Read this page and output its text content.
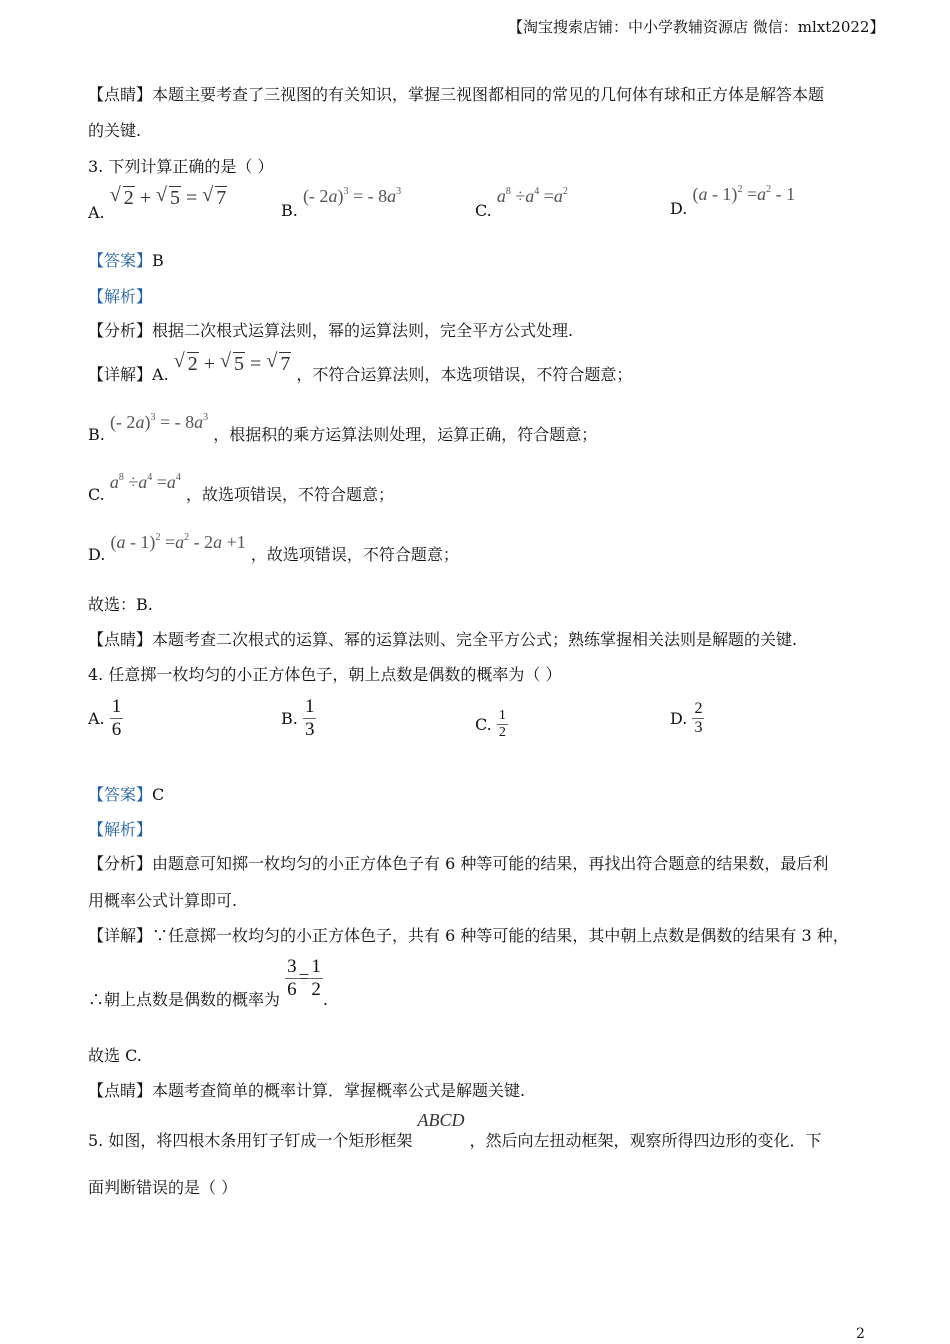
【淘宝搜索店铺：中小学教辅资源店 微信：mlxt2022】
【点睛】本题主要考查了三视图的有关知识，掌握三视图都相同的常见的几何体有球和正方体是解答本题
的关键.
3. 下列计算正确的是（ ）
A. √ 2 + √ 5 = √ 7
B. (- 2a)$^3$ = - $8a^3$
C. $a^8 \div a^4 =a^2$
D. $(a - 1)^2 =a^2 - 1$
【答案】B
【解析】
【分析】根据二次根式运算法则，幂的运算法则，完全平方公式处理.
【详解】A. √ 2 + √ 5 = √ 7 ，不符合运算法则，本选项错误，不符合题意；
B. (- 2a)$^3$ = - $8a^3$ ，根据积的乘方运算法则处理，运算正确，符合题意；
C. $a^8 \div a^4 =a^4$ ，故选项错误，不符合题意；
D. $(a - 1)^2 =a^2 - 2a +1$ ，故选项错误，不符合题意；
故选：B.
【点睛】本题考查二次根式的运算、幂的运算法则、完全平方公式；熟练掌握相关法则是解题的关键.
4. 任意掷一枚均匀的小正方体色子，朝上点数是偶数的概率为（ ）
A. $\frac{1}{6}$	B. $\frac{1}{3}$	C. $\frac{1}{2}$	D. $\frac{2}{3}$
【答案】C
【解析】
【分析】由题意可知掷一枚均匀的小正方体色子有 6 种等可能的结果，再找出符合题意的结果数，最后利
用概率公式计算即可.
【详解】∵任意掷一枚均匀的小正方体色子，共有 6 种等可能的结果，其中朝上点数是偶数的结果有 3 种，
∴朝上点数是偶数的概率为 $\frac{3}{6} = \frac{1}{2}$ .
故选 C.
【点睛】本题考查简单的概率计算．掌握概率公式是解题关键.
5. 如图，将四根木条用钉子钉成一个矩形框架 ABCD ，然后向左扭动框架，观察所得四边形的变化．下
面判断错误的是（ ）
2
